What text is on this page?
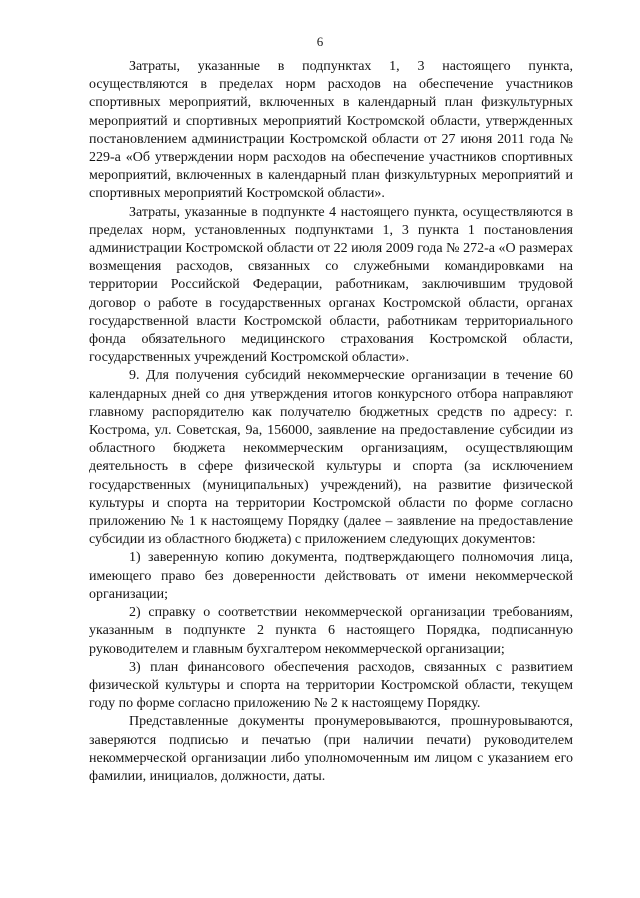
6

Затраты, указанные в подпунктах 1, 3 настоящего пункта, осуществляются в пределах норм расходов на обеспечение участников спортивных мероприятий, включенных в календарный план физкультурных мероприятий и спортивных мероприятий Костромской области, утвержденных постановлением администрации Костромской области от 27 июня 2011 года № 229-а «Об утверждении норм расходов на обеспечение участников спортивных мероприятий, включенных в календарный план физкультурных мероприятий и спортивных мероприятий Костромской области».

Затраты, указанные в подпункте 4 настоящего пункта, осуществляются в пределах норм, установленных подпунктами 1, 3 пункта 1 постановления администрации Костромской области от 22 июля 2009 года № 272-а «О размерах возмещения расходов, связанных со служебными командировками на территории Российской Федерации, работникам, заключившим трудовой договор о работе в государственных органах Костромской области, органах государственной власти Костромской области, работникам территориального фонда обязательного медицинского страхования Костромской области, государственных учреждений Костромской области».

9. Для получения субсидий некоммерческие организации в течение 60 календарных дней со дня утверждения итогов конкурсного отбора направляют главному распорядителю как получателю бюджетных средств по адресу: г. Кострома, ул. Советская, 9а, 156000, заявление на предоставление субсидии из областного бюджета некоммерческим организациям, осуществляющим деятельность в сфере физической культуры и спорта (за исключением государственных (муниципальных) учреждений), на развитие физической культуры и спорта на территории Костромской области по форме согласно приложению № 1 к настоящему Порядку (далее – заявление на предоставление субсидии из областного бюджета) с приложением следующих документов:

1) заверенную копию документа, подтверждающего полномочия лица, имеющего право без доверенности действовать от имени некоммерческой организации;

2) справку о соответствии некоммерческой организации требованиям, указанным в подпункте 2 пункта 6 настоящего Порядка, подписанную руководителем и главным бухгалтером некоммерческой организации;

3) план финансового обеспечения расходов, связанных с развитием физической культуры и спорта на территории Костромской области, текущем году по форме согласно приложению № 2 к настоящему Порядку.

Представленные документы пронумеровываются, прошнуровываются, заверяются подписью и печатью (при наличии печати) руководителем некоммерческой организации либо уполномоченным им лицом с указанием его фамилии, инициалов, должности, даты.
